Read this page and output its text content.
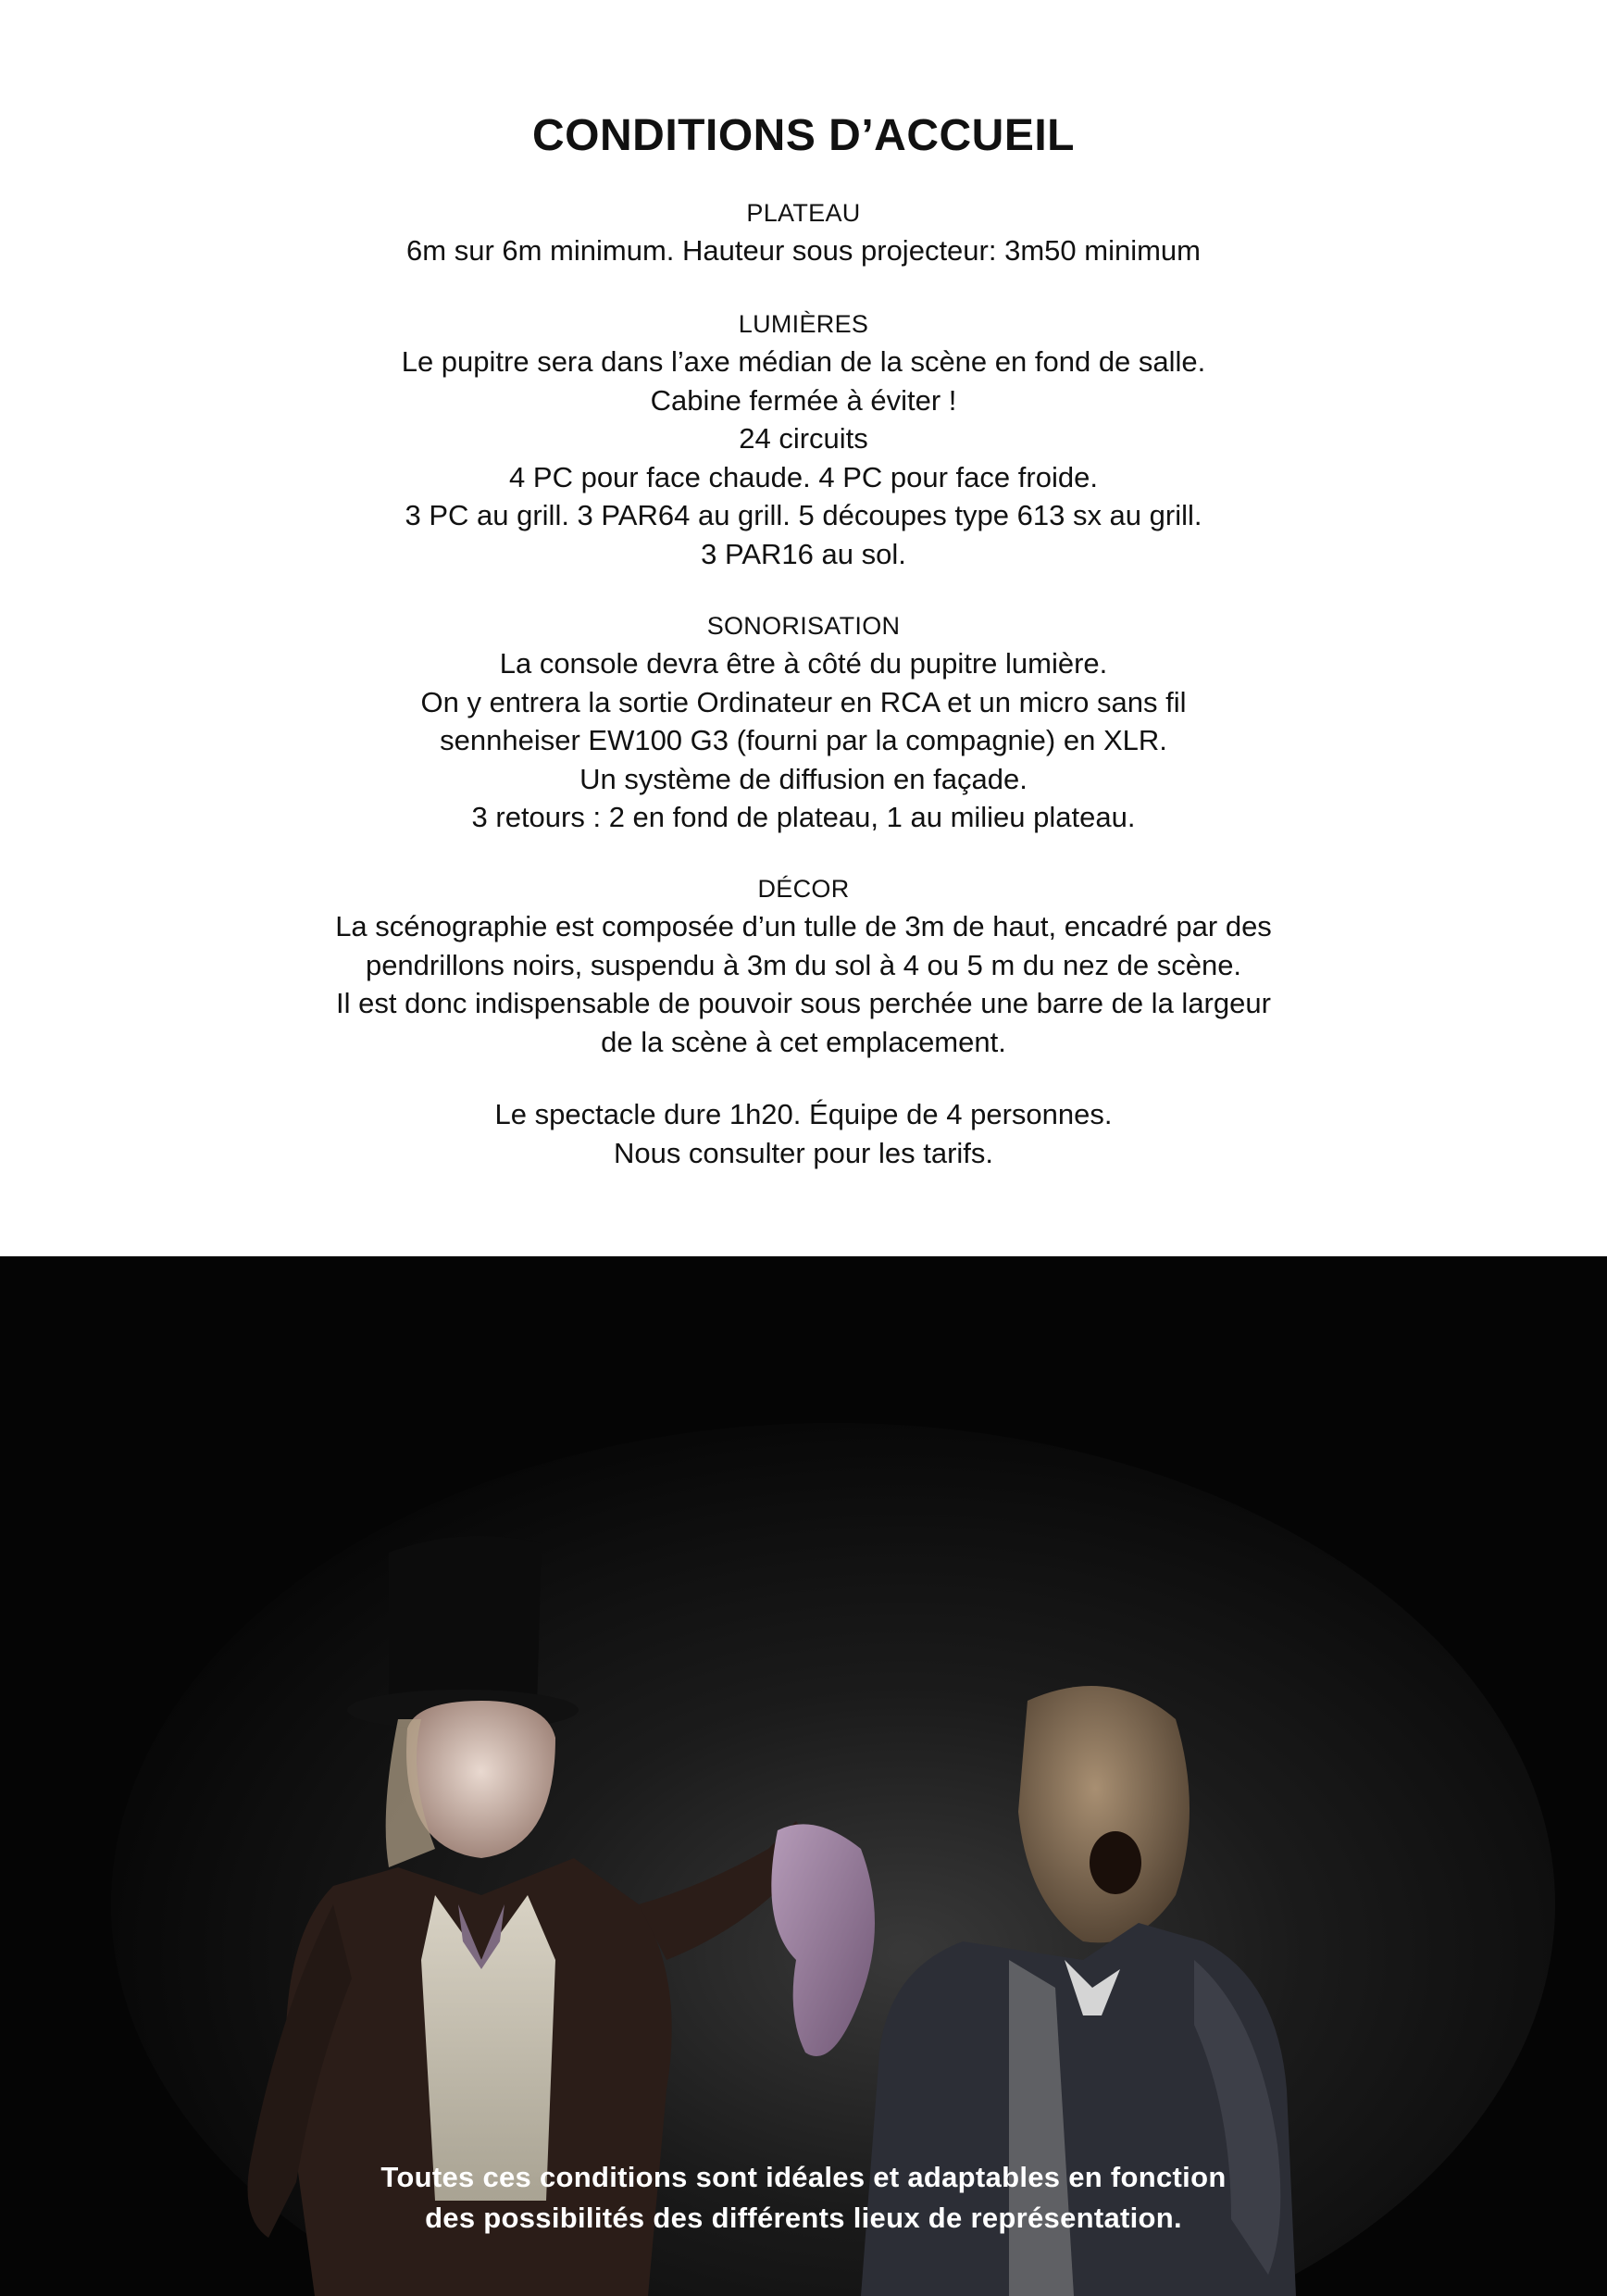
CONDITIONS D’ACCUEIL
PLATEAU

6m sur 6m minimum. Hauteur sous projecteur: 3m50 minimum

LUMIÈRES

Le pupitre sera dans l’axe médian de la scène en fond de salle.
Cabine fermée à éviter !
24 circuits
4 PC pour face chaude. 4 PC pour face froide.
3 PC au grill. 3 PAR64 au grill. 5 découpes type 613 sx au grill.
3 PAR16 au sol.

SONORISATION

La console devra être à côté du pupitre lumière.
On y entrera la sortie Ordinateur en RCA et un micro sans fil
sennheiser EW100 G3 (fourni par la compagnie) en XLR.
Un système de diffusion en façade.
3 retours : 2 en fond de plateau, 1 au milieu plateau.

DÉCOR

La scénographie est composée d’un tulle de 3m de haut, encadré par des
pendrillons noirs, suspendu à 3m du sol à 4 ou 5 m du nez de scène.
Il est donc indispensable de pouvoir sous perchée une barre de la largeur
de la scène à cet emplacement.

Le spectacle dure 1h20. Équipe de 4 personnes.
Nous consulter pour les tarifs.

Toutes ces conditions sont idéales et adaptables en fonction
des possibilités des différents lieux de représentation.
